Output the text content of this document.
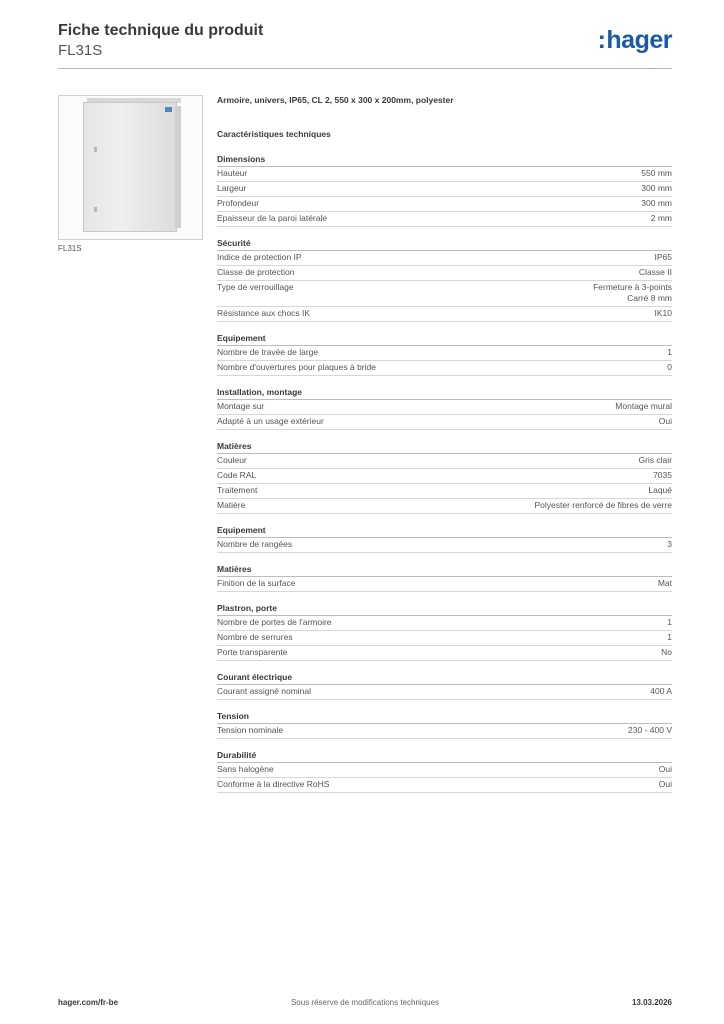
Fiche technique du produit
FL31S	:hager
FL31S
Armoire, univers, IP65, CL 2, 550 x 300 x 200mm, polyester
Caractéristiques techniques
Dimensions
Hauteur	550 mm
Largeur	300 mm
Profondeur	300 mm
Epaisseur de la paroi latérale	2 mm
Sécurité
Indice de protection IP	IP65
Classe de protection	Classe II
Type de verrouillage	Fermeture à 3-points
Carré 8 mm
Résistance aux chocs IK	IK10
Equipement
Nombre de travée de large	1
Nombre d'ouvertures pour plaques à bride	0
Installation, montage
Montage sur	Montage mural
Adapté à un usage extérieur	Oui
Matières
Couleur	Gris clair
Code RAL	7035
Traitement	Laqué
Matière	Polyester renforcé de fibres de verre
Equipement
Nombre de rangées	3
Matières
Finition de la surface	Mat
Plastron, porte
Nombre de portes de l'armoire	1
Nombre de serrures	1
Porte transparente	No
Courant électrique
Courant assigné nominal	400 A
Tension
Tension nominale	230 - 400 V
Durabilité
Sans halogène	Oui
Conforme à la directive RoHS	Oui
Sous réserve de modifications techniques
hager.com/fr-be	13.03.2026
